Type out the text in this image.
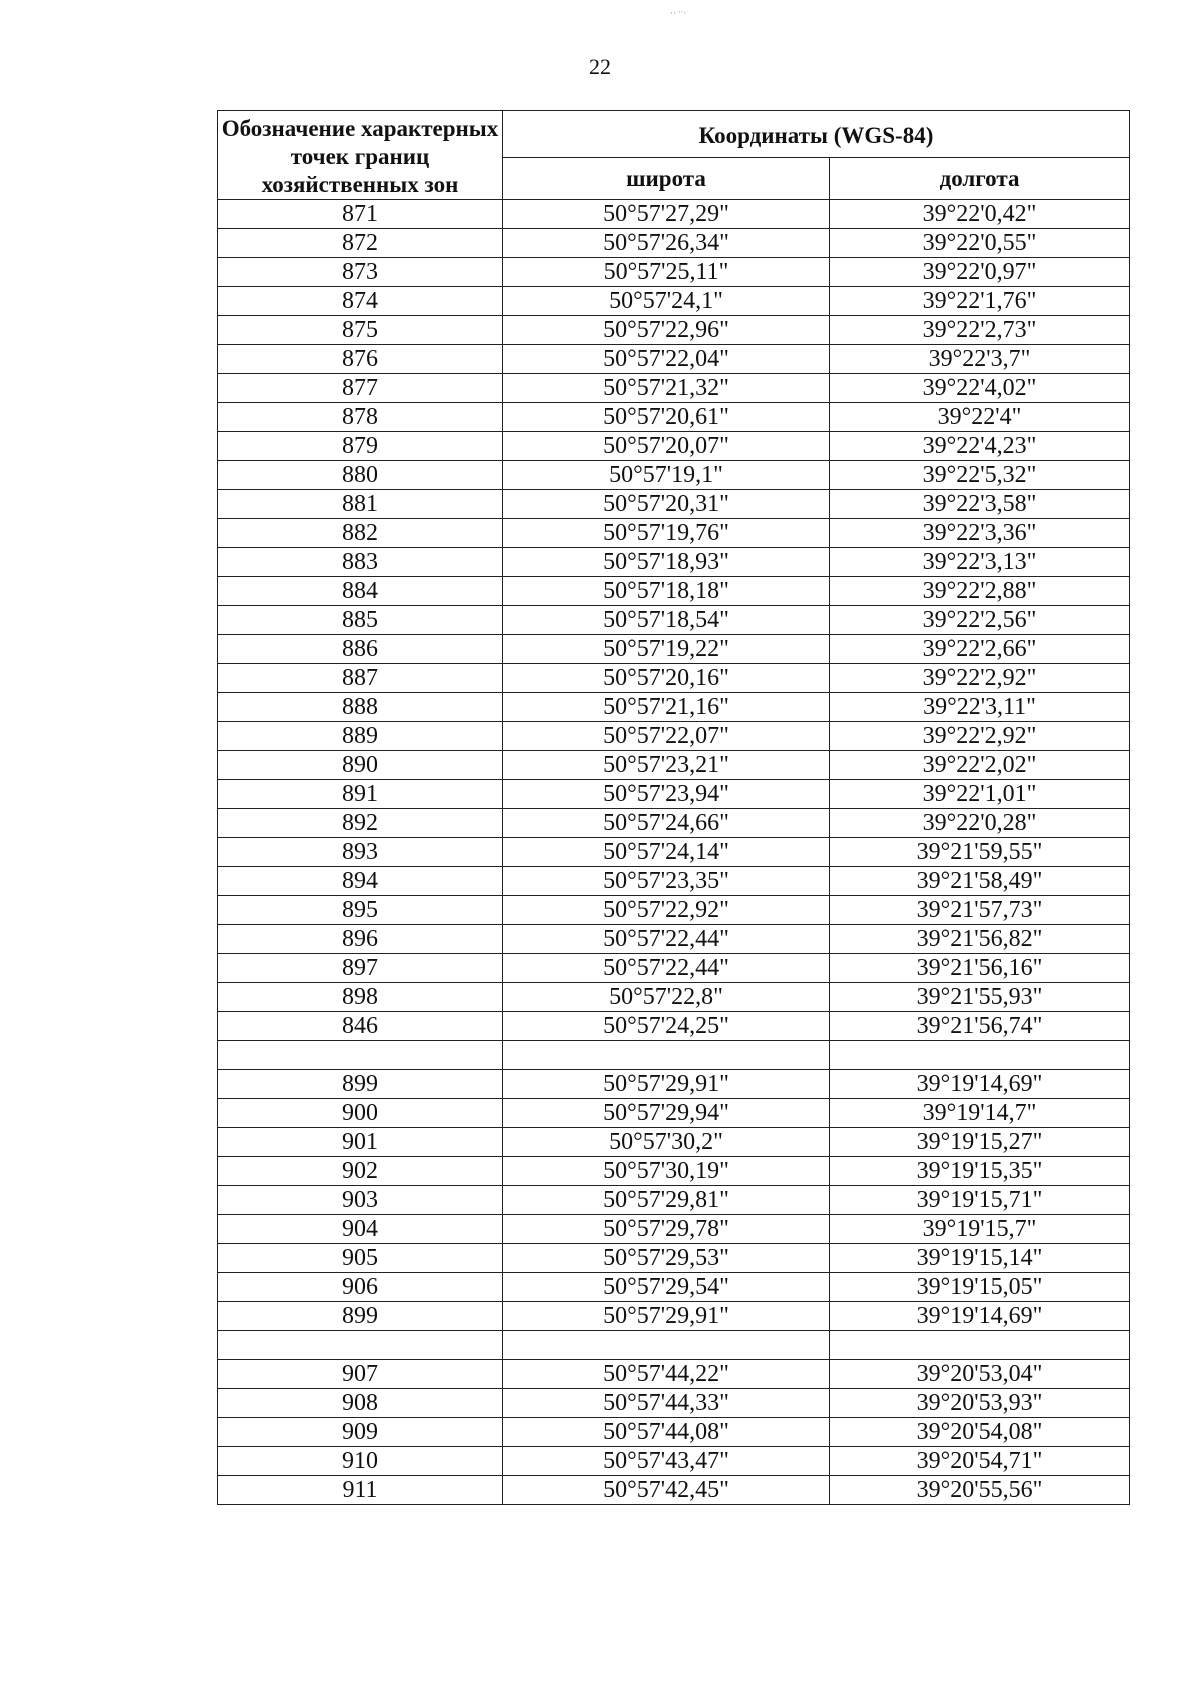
·· ˑˑ·
22
Обозначение характерных точек границ хозяйственных зон	Координаты (WGS-84)	
	широта	долгота
871	50°57'27,29"	39°22'0,42"
872	50°57'26,34"	39°22'0,55"
873	50°57'25,11"	39°22'0,97"
874	50°57'24,1"	39°22'1,76"
875	50°57'22,96"	39°22'2,73"
876	50°57'22,04"	39°22'3,7"
877	50°57'21,32"	39°22'4,02"
878	50°57'20,61"	39°22'4"
879	50°57'20,07"	39°22'4,23"
880	50°57'19,1"	39°22'5,32"
881	50°57'20,31"	39°22'3,58"
882	50°57'19,76"	39°22'3,36"
883	50°57'18,93"	39°22'3,13"
884	50°57'18,18"	39°22'2,88"
885	50°57'18,54"	39°22'2,56"
886	50°57'19,22"	39°22'2,66"
887	50°57'20,16"	39°22'2,92"
888	50°57'21,16"	39°22'3,11"
889	50°57'22,07"	39°22'2,92"
890	50°57'23,21"	39°22'2,02"
891	50°57'23,94"	39°22'1,01"
892	50°57'24,66"	39°22'0,28"
893	50°57'24,14"	39°21'59,55"
894	50°57'23,35"	39°21'58,49"
895	50°57'22,92"	39°21'57,73"
896	50°57'22,44"	39°21'56,82"
897	50°57'22,44"	39°21'56,16"
898	50°57'22,8"	39°21'55,93"
846	50°57'24,25"	39°21'56,74"

899	50°57'29,91"	39°19'14,69"
900	50°57'29,94"	39°19'14,7"
901	50°57'30,2"	39°19'15,27"
902	50°57'30,19"	39°19'15,35"
903	50°57'29,81"	39°19'15,71"
904	50°57'29,78"	39°19'15,7"
905	50°57'29,53"	39°19'15,14"
906	50°57'29,54"	39°19'15,05"
899	50°57'29,91"	39°19'14,69"

907	50°57'44,22"	39°20'53,04"
908	50°57'44,33"	39°20'53,93"
909	50°57'44,08"	39°20'54,08"
910	50°57'43,47"	39°20'54,71"
911	50°57'42,45"	39°20'55,56"
